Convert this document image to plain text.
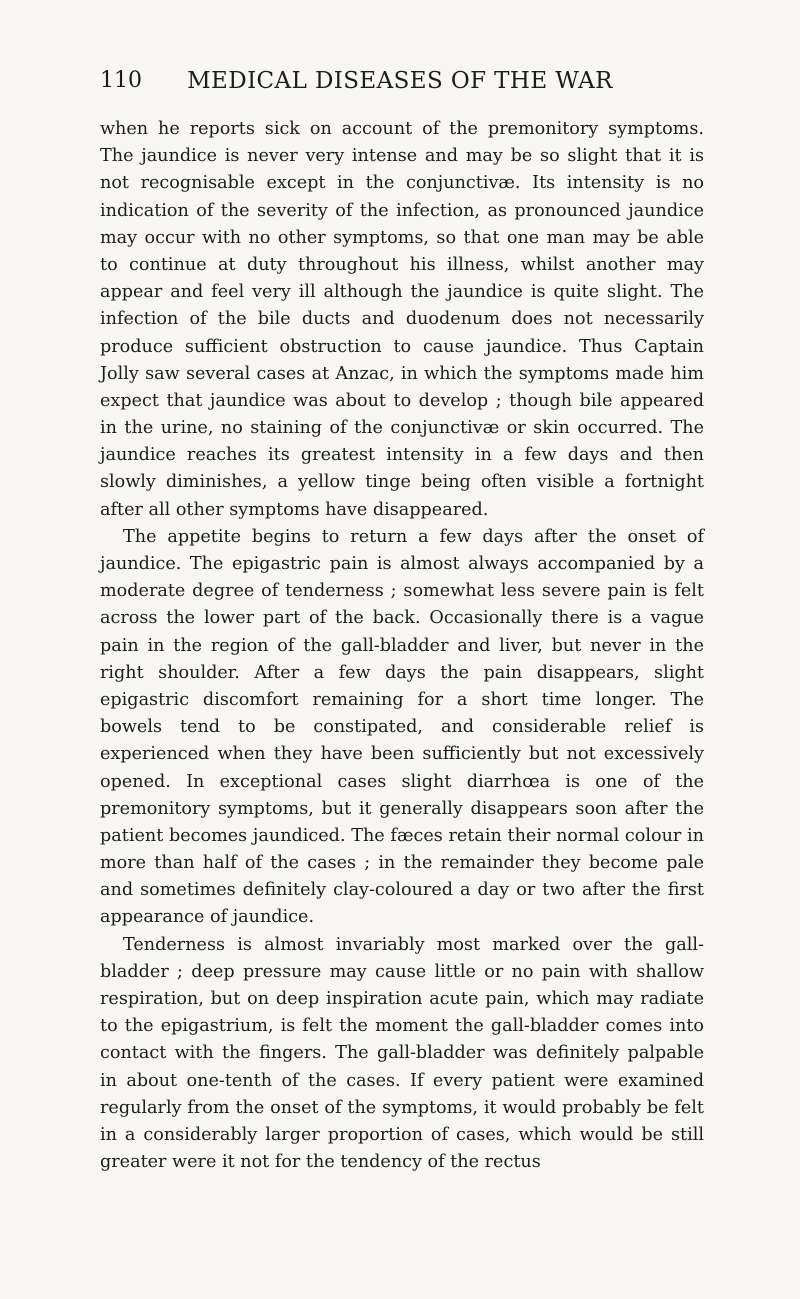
110	MEDICAL DISEASES OF THE WAR

when he reports sick on account of the premonitory symptoms. The jaundice is never very intense and may be so slight that it is not recognisable except in the conjunctivæ. Its intensity is no indication of the severity of the infection, as pronounced jaundice may occur with no other symptoms, so that one man may be able to continue at duty throughout his illness, whilst another may appear and feel very ill although the jaundice is quite slight. The infection of the bile ducts and duodenum does not necessarily produce sufficient obstruction to cause jaundice. Thus Captain Jolly saw several cases at Anzac, in which the symptoms made him expect that jaundice was about to develop ; though bile appeared in the urine, no staining of the conjunctivæ or skin occurred. The jaundice reaches its greatest intensity in a few days and then slowly diminishes, a yellow tinge being often visible a fortnight after all other symptoms have disappeared.

The appetite begins to return a few days after the onset of jaundice. The epigastric pain is almost always accompanied by a moderate degree of tenderness ; somewhat less severe pain is felt across the lower part of the back. Occasionally there is a vague pain in the region of the gall-bladder and liver, but never in the right shoulder. After a few days the pain disappears, slight epigastric discomfort remaining for a short time longer. The bowels tend to be constipated, and considerable relief is experienced when they have been sufficiently but not excessively opened. In exceptional cases slight diarrhœa is one of the premonitory symptoms, but it generally disappears soon after the patient becomes jaundiced. The fæces retain their normal colour in more than half of the cases ; in the remainder they become pale and sometimes definitely clay-coloured a day or two after the first appearance of jaundice.

Tenderness is almost invariably most marked over the gall-bladder ; deep pressure may cause little or no pain with shallow respiration, but on deep inspiration acute pain, which may radiate to the epigastrium, is felt the moment the gall-bladder comes into contact with the fingers. The gall-bladder was definitely palpable in about one-tenth of the cases. If every patient were examined regularly from the onset of the symptoms, it would probably be felt in a considerably larger proportion of cases, which would be still greater were it not for the tendency of the rectus
